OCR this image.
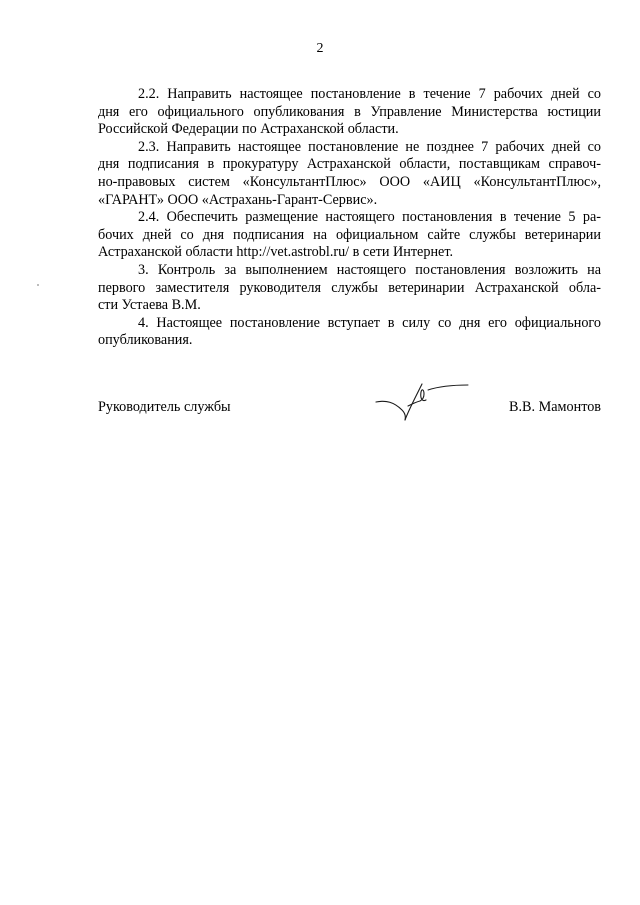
2
2.2. Направить настоящее постановление в течение 7 рабочих дней со
дня его официального опубликования в Управление Министерства юстиции
Российской Федерации по Астраханской области.
2.3. Направить настоящее постановление не позднее 7 рабочих дней со
дня подписания в прокуратуру Астраханской области, поставщикам справоч-
но-правовых систем «КонсультантПлюс» ООО «АИЦ «КонсультантПлюс»,
«ГАРАНТ» ООО «Астрахань-Гарант-Сервис».
2.4. Обеспечить размещение настоящего постановления в течение 5 ра-
бочих дней со дня подписания на официальном сайте службы ветеринарии
Астраханской области http://vet.astrobl.ru/ в сети Интернет.
3. Контроль за выполнением настоящего постановления возложить на
первого заместителя руководителя службы ветеринарии Астраханской обла-
сти Устаева В.М.
4. Настоящее постановление вступает в силу со дня его официального
опубликования.
Руководитель службы	В.В. Мамонтов
